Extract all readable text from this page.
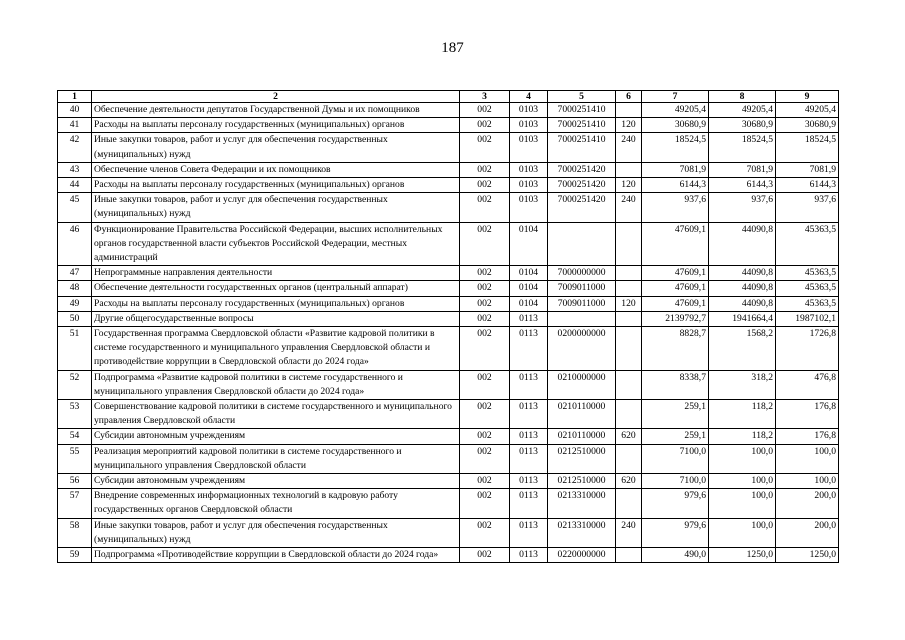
187
1	2	3	4	5	6	7	8	9
40	Обеспечение деятельности депутатов Государственной Думы и их помощников	002	0103	7000251410		49205,4	49205,4	49205,4
41	Расходы на выплаты персоналу государственных (муниципальных) органов	002	0103	7000251410	120	30680,9	30680,9	30680,9
42	Иные закупки товаров, работ и услуг для обеспечения государственных (муниципальных) нужд	002	0103	7000251410	240	18524,5	18524,5	18524,5
43	Обеспечение членов Совета Федерации и их помощников	002	0103	7000251420		7081,9	7081,9	7081,9
44	Расходы на выплаты персоналу государственных (муниципальных) органов	002	0103	7000251420	120	6144,3	6144,3	6144,3
45	Иные закупки товаров, работ и услуг для обеспечения государственных (муниципальных) нужд	002	0103	7000251420	240	937,6	937,6	937,6
46	Функционирование Правительства Российской Федерации, высших исполнительных органов государственной власти субъектов Российской Федерации, местных администраций	002	0104			47609,1	44090,8	45363,5
47	Непрограммные направления деятельности	002	0104	7000000000		47609,1	44090,8	45363,5
48	Обеспечение деятельности государственных органов (центральный аппарат)	002	0104	7009011000		47609,1	44090,8	45363,5
49	Расходы на выплаты персоналу государственных (муниципальных) органов	002	0104	7009011000	120	47609,1	44090,8	45363,5
50	Другие общегосударственные вопросы	002	0113			2139792,7	1941664,4	1987102,1
51	Государственная программа Свердловской области «Развитие кадровой политики в системе государственного и муниципального управления Свердловской области и противодействие коррупции в Свердловской области до 2024 года»	002	0113	0200000000		8828,7	1568,2	1726,8
52	Подпрограмма «Развитие кадровой политики в системе государственного и муниципального управления Свердловской области до 2024 года»	002	0113	0210000000		8338,7	318,2	476,8
53	Совершенствование кадровой политики в системе государственного и муниципального управления Свердловской области	002	0113	0210110000		259,1	118,2	176,8
54	Субсидии автономным учреждениям	002	0113	0210110000	620	259,1	118,2	176,8
55	Реализация мероприятий кадровой политики в системе государственного и муниципального управления Свердловской области	002	0113	0212510000		7100,0	100,0	100,0
56	Субсидии автономным учреждениям	002	0113	0212510000	620	7100,0	100,0	100,0
57	Внедрение современных информационных технологий в кадровую работу государственных органов Свердловской области	002	0113	0213310000		979,6	100,0	200,0
58	Иные закупки товаров, работ и услуг для обеспечения государственных (муниципальных) нужд	002	0113	0213310000	240	979,6	100,0	200,0
59	Подпрограмма «Противодействие коррупции в Свердловской области до 2024 года»	002	0113	0220000000		490,0	1250,0	1250,0
